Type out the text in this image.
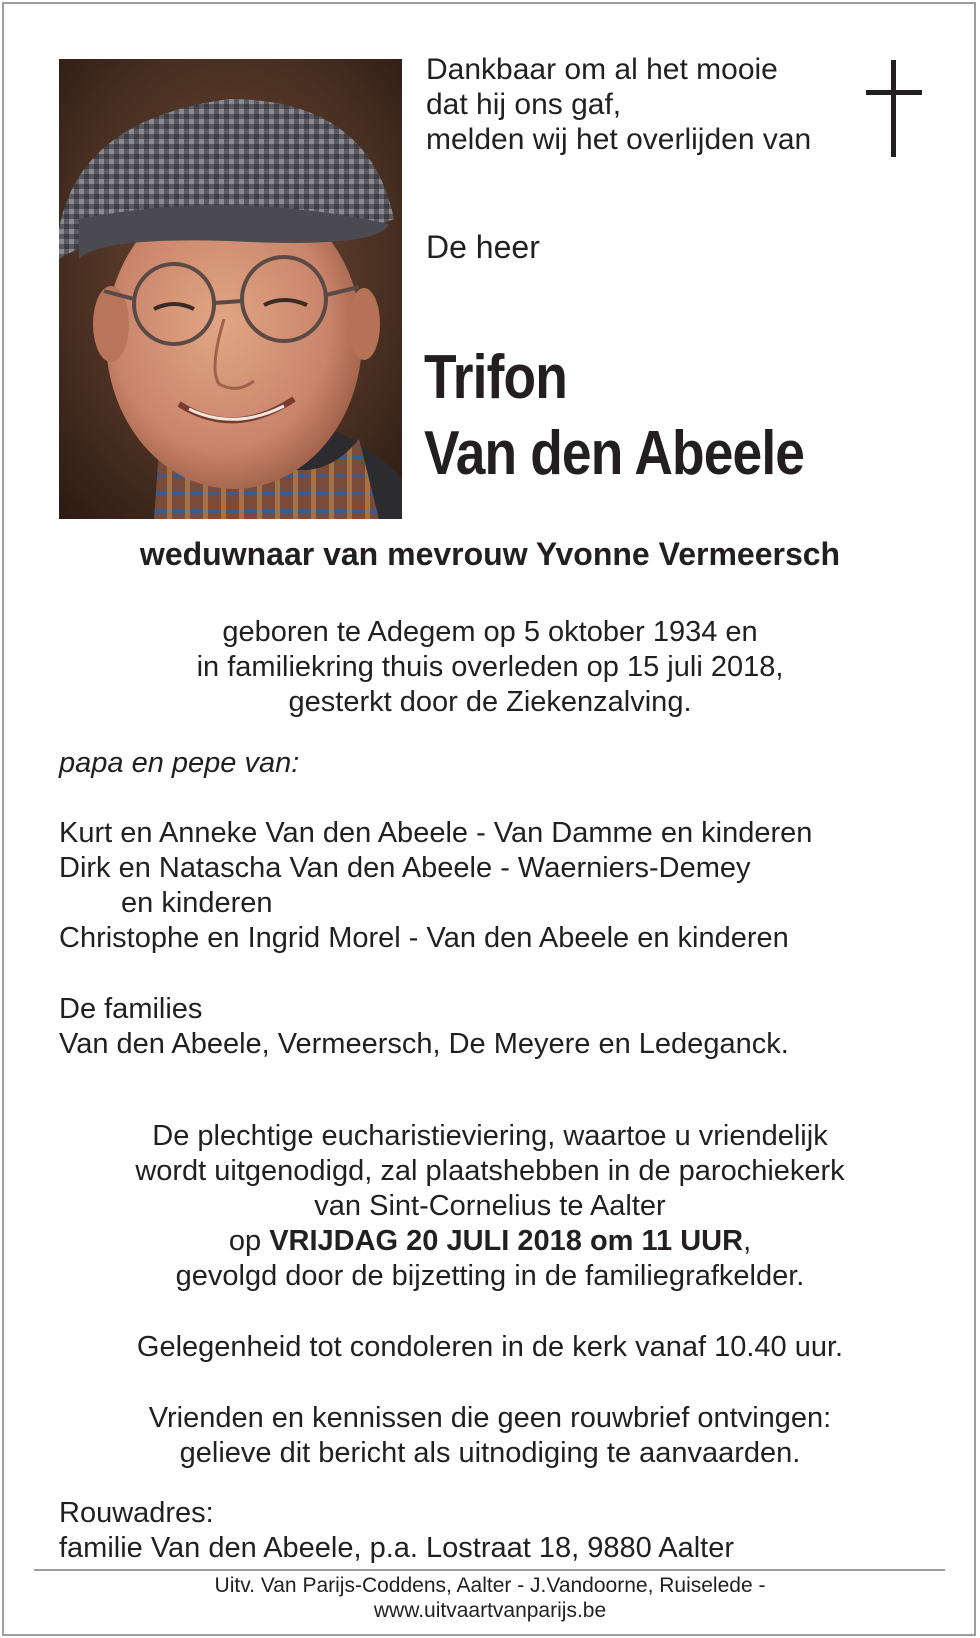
Dankbaar om al het mooie
dat hij ons gaf,
melden wij het overlijden van

De heer

Trifon
Van den Abeele

weduwnaar van mevrouw Yvonne Vermeersch

geboren te Adegem op 5 oktober 1934 en
in familiekring thuis overleden op 15 juli 2018,
gesterkt door de Ziekenzalving.

papa en pepe van:

Kurt en Anneke Van den Abeele - Van Damme en kinderen
Dirk en Natascha Van den Abeele - Waerniers-Demey
en kinderen
Christophe en Ingrid Morel - Van den Abeele en kinderen

De families
Van den Abeele, Vermeersch, De Meyere en Ledeganck.

De plechtige eucharistieviering, waartoe u vriendelijk
wordt uitgenodigd, zal plaatshebben in de parochiekerk
van Sint-Cornelius te Aalter
op VRIJDAG 20 JULI 2018 om 11 UUR,
gevolgd door de bijzetting in de familiegrafkelder.

Gelegenheid tot condoleren in de kerk vanaf 10.40 uur.

Vrienden en kennissen die geen rouwbrief ontvingen:
gelieve dit bericht als uitnodiging te aanvaarden.

Rouwadres:
familie Van den Abeele, p.a. Lostraat 18, 9880 Aalter

Uitv. Van Parijs-Coddens, Aalter - J.Vandoorne, Ruiselede -
www.uitvaartvanparijs.be
